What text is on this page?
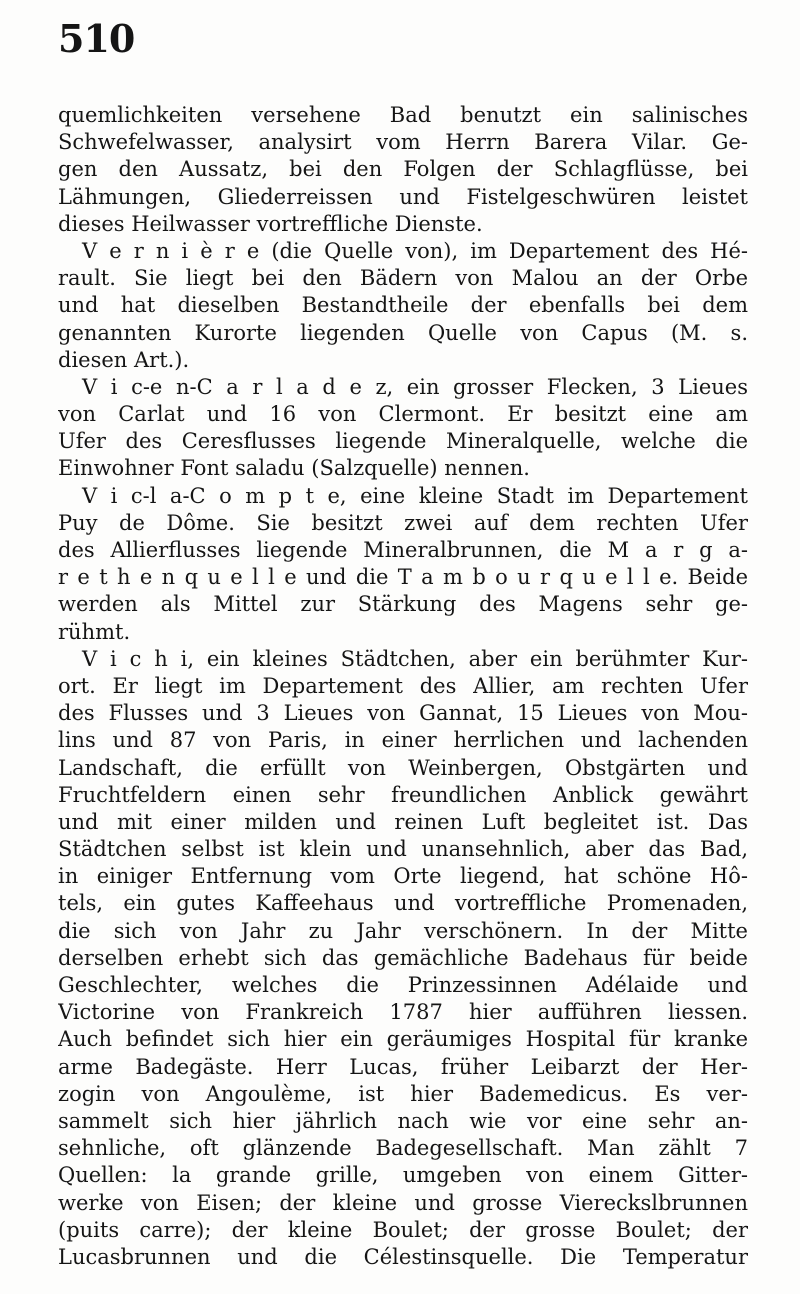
510
quemlichkeiten versehene Bad benutzt ein salinisches
Schwefelwasser, analysirt vom Herrn Barera Vilar. Ge-
gen den Aussatz, bei den Folgen der Schlagflüsse, bei
Lähmungen, Gliederreissen und Fistelgeschwüren leistet
dieses Heilwasser vortreffliche Dienste.
V e r n i è r e (die Quelle von), im Departement des Hé-
rault. Sie liegt bei den Bädern von Malou an der Orbe
und hat dieselben Bestandtheile der ebenfalls bei dem
genannten Kurorte liegenden Quelle von Capus (M. s.
diesen Art.).
V i c-e n-C a r l a d e z, ein grosser Flecken, 3 Lieues
von Carlat und 16 von Clermont. Er besitzt eine am
Ufer des Ceresflusses liegende Mineralquelle, welche die
Einwohner Font saladu (Salzquelle) nennen.
V i c-l a-C o m p t e, eine kleine Stadt im Departement
Puy de Dôme. Sie besitzt zwei auf dem rechten Ufer
des Allierflusses liegende Mineralbrunnen, die M a r g a-
r e t h e n q u e l l e und die T a m b o u r q u e l l e. Beide
werden als Mittel zur Stärkung des Magens sehr ge-
rühmt.
V i c h i, ein kleines Städtchen, aber ein berühmter Kur-
ort. Er liegt im Departement des Allier, am rechten Ufer
des Flusses und 3 Lieues von Gannat, 15 Lieues von Mou-
lins und 87 von Paris, in einer herrlichen und lachenden
Landschaft, die erfüllt von Weinbergen, Obstgärten und
Fruchtfeldern einen sehr freundlichen Anblick gewährt
und mit einer milden und reinen Luft begleitet ist. Das
Städtchen selbst ist klein und unansehnlich, aber das Bad,
in einiger Entfernung vom Orte liegend, hat schöne Hô-
tels, ein gutes Kaffeehaus und vortreffliche Promenaden,
die sich von Jahr zu Jahr verschönern. In der Mitte
derselben erhebt sich das gemächliche Badehaus für beide
Geschlechter, welches die Prinzessinnen Adélaide und
Victorine von Frankreich 1787 hier aufführen liessen.
Auch befindet sich hier ein geräumiges Hospital für kranke
arme Badegäste. Herr Lucas, früher Leibarzt der Her-
zogin von Angoulème, ist hier Bademedicus. Es ver-
sammelt sich hier jährlich nach wie vor eine sehr an-
sehnliche, oft glänzende Badegesellschaft. Man zählt 7
Quellen: la grande grille, umgeben von einem Gitter-
werke von Eisen; der kleine und grosse Viereckslbrunnen
(puits carre); der kleine Boulet; der grosse Boulet; der
Lucasbrunnen und die Célestinsquelle. Die Temperatur
